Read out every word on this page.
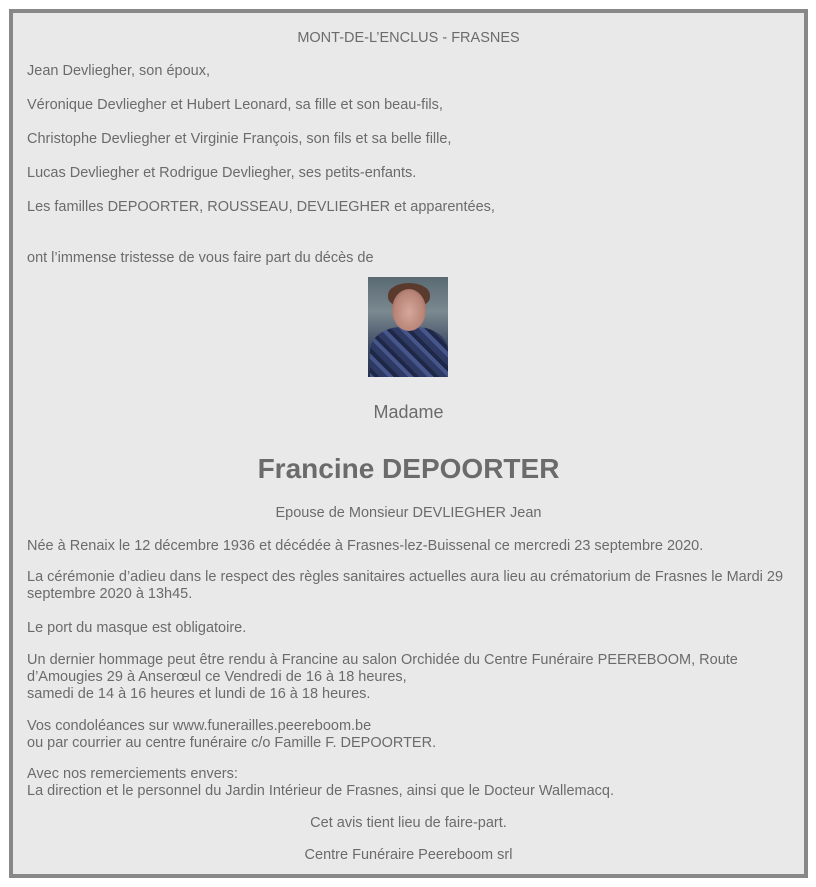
MONT-DE-L’ENCLUS - FRASNES
Jean Devliegher, son époux,
Véronique Devliegher et Hubert Leonard, sa fille et son beau-fils,
Christophe Devliegher et Virginie François, son fils et sa belle fille,
Lucas Devliegher et Rodrigue Devliegher, ses petits-enfants.
Les familles DEPOORTER, ROUSSEAU, DEVLIEGHER et apparentées,
ont l’immense tristesse de vous faire part du décès de
Madame
Francine DEPOORTER
Epouse de Monsieur DEVLIEGHER Jean
Née à Renaix le 12 décembre 1936 et décédée à Frasnes-lez-Buissenal ce mercredi 23 septembre 2020.
La cérémonie d’adieu dans le respect des règles sanitaires actuelles aura lieu au crématorium de Frasnes le Mardi 29 septembre 2020 à 13h45.
Le port du masque est obligatoire.
Un dernier hommage peut être rendu à Francine au salon Orchidée du Centre Funéraire PEEREBOOM, Route d’Amougies 29 à Anserœul ce Vendredi de 16 à 18 heures,
samedi de 14 à 16 heures et lundi de 16 à 18 heures.
Vos condoléances sur www.funerailles.peereboom.be
ou par courrier au centre funéraire c/o Famille F. DEPOORTER.
Avec nos remerciements envers:
La direction et le personnel du Jardin Intérieur de Frasnes, ainsi que le Docteur Wallemacq.
Cet avis tient lieu de faire-part.
Centre Funéraire Peereboom srl
